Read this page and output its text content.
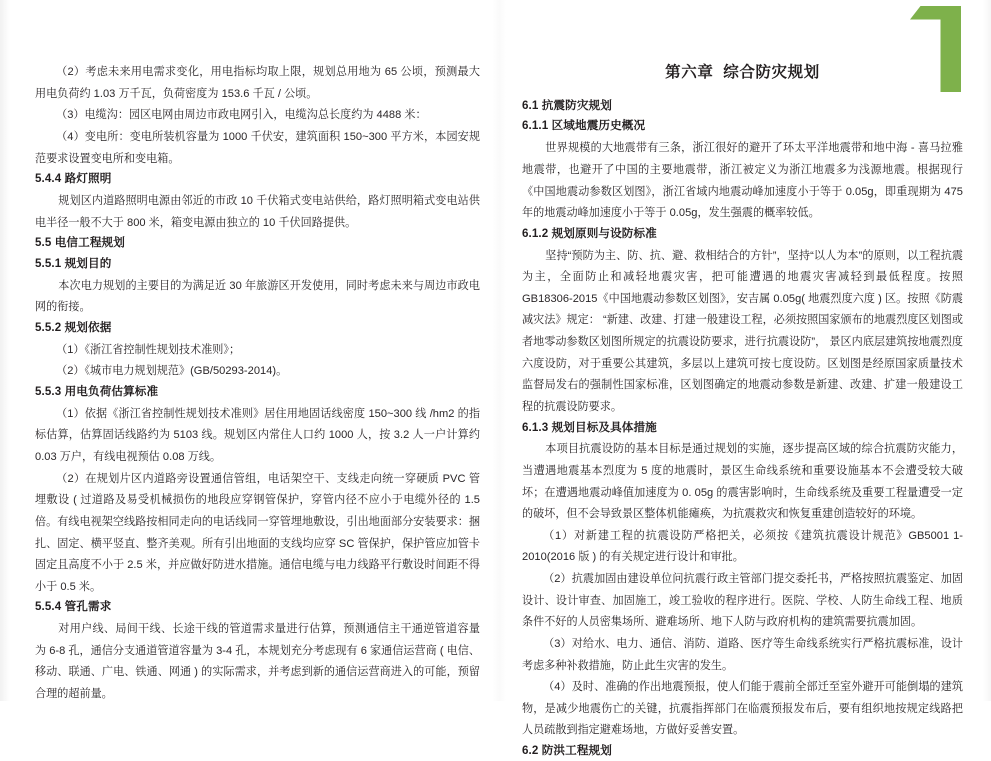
（2）考虑未来用电需求变化，用电指标均取上限，规划总用地为 65 公顷，预测最大用电负荷约 1.03 万千瓦，负荷密度为 153.6 千瓦 / 公顷。

（3）电缆沟：园区电网由周边市政电网引入，电缆沟总长度约为 4488 米：

（4）变电所：变电所装机容量为 1000 千伏安，建筑面积 150~300 平方米，本园安规范要求设置变电所和变电箱。

5.4.4 路灯照明

规划区内道路照明电源由邻近的市政 10 千伏箱式变电站供给，路灯照明箱式变电站供电半径一般不大于 800 米，箱变电源由独立的 10 千伏回路提供。

5.5 电信工程规划
5.5.1 规划目的

本次电力规划的主要目的为满足近 30 年旅游区开发使用，同时考虑未来与周边市政电网的衔接。

5.5.2 规划依据

（1）《浙江省控制性规划技术准则》；

（2）《城市电力规划规范》(GB/50293-2014)。

5.5.3 用电负荷估算标准

（1）依据《浙江省控制性规划技术准则》居住用地固话线密度 150~300 线 /hm2 的指标估算，估算固话线路约为 5103 线。规划区内常住人口约 1000 人，按 3.2 人一户计算约 0.03 万户，有线电视预估 0.08 万线。

（2）在规划片区内道路旁设置通信管组，电话架空干、支线走向统一穿硬质 PVC 管埋敷设 ( 过道路及易受机械损伤的地段应穿钢管保护，穿管内径不应小于电缆外径的 1.5 倍。有线电视架空线路按相同走向的电话线同一穿管埋地敷设，引出地面部分安装要求：捆扎、固定、横平竖直、整齐美观。所有引出地面的支线均应穿 SC 管保护，保护管应加管卡固定且高度不小于 2.5 米，并应做好防进水措施。通信电缆与电力线路平行敷设时间距不得小于 0.5 米。

5.5.4 管孔需求

对用户线、局间干线、长途干线的管道需求量进行估算，预测通信主干通逆管道容量为 6-8 孔，通信分支通道管道容量为 3-4 孔，本规划充分考虑现有 6 家通信运营商 ( 电信、移动、联通、广电、铁通、网通 ) 的实际需求，并考虑到新的通信运营商进入的可能，预留合理的超前量。

第六章  综合防灾规划
6.1 抗震防灾规划
6.1.1 区域地震历史概况

世界规模的大地震带有三条，浙江很好的避开了环太平洋地震带和地中海 - 喜马拉雅地震带，也避开了中国的主要地震带，浙江被定义为浙江地震多为浅源地震。根据现行《中国地震动参数区划图》，浙江省域内地震动峰加速度小于等于 0.05g，即重现期为 475 年的地震动峰加速度小于等于 0.05g，发生强震的概率较低。

6.1.2 规划原则与设防标准

坚持“预防为主、防、抗、避、救相结合的方针”，坚持“以人为本”的原则，以工程抗震为主，全面防止和减轻地震灾害，把可能遭遇的地震灾害减轻到最低程度。按照 GB18306-2015《中国地震动参数区划图》，安吉属 0.05g( 地震烈度六度 ) 区。按照《防震减灾法》规定： “新建、改建、打建一般建设工程，必须按照国家颁布的地震烈度区划图或者地零动参数区划图所规定的抗震设防要求，进行抗震设防”， 景区内底层建筑按地震烈度六度设防，对于重要公其建筑，多层以上建筑可按七度设防。区划图是经原国家质量技术监督局发右的强制性国家标准，区划图确定的地震动参数是新建、改建、扩建一般建设工程的抗震设防要求。

6.1.3 规划目标及具体措施

本项目抗震设防的基本目标是通过规划的实施，逐步提高区域的综合抗震防灾能力，当遭遇地震基本烈度为 5 度的地震时，景区生命线系统和重要设施基本不会遭受较大破坏；在遭遇地震动峰值加速度为 0. 05g 的震害影响时，生命线系统及重要工程量遭受一定的破坏，但不会导致景区整体机能瘫痪，为抗震救灾和恢复重建创造较好的环境。

（1）对新建工程的抗震设防严格把关，必须按《建筑抗震设计规范》GB5001 1-2010(2016 版 ) 的有关规定进行设计和审批。

（2）抗震加固由建设单位问抗震行政主管部门提交委托书，严格按照抗震鉴定、加固设计、设计审查、加固施工，竣工验收的程序进行。医院、学校、人防生命线工程、地质条件不好的人员密集场所、避难场所、地下人防与政府机构的建筑需要抗震加固。

（3）对给水、电力、通信、消防、道路、医疗等生命线系统实行严格抗震标准，设计考虑多种补救措施，防止此生灾害的发生。

（4）及时、准确的作出地震预报，使人们能于震前全部迁至室外避开可能倒塌的建筑物，是减少地震伤亡的关键，抗震指挥部门在临震预报发布后，要有组织地按规定线路把人员疏散到指定避难场地，方做好妥善安置。

6.2 防洪工程规划
